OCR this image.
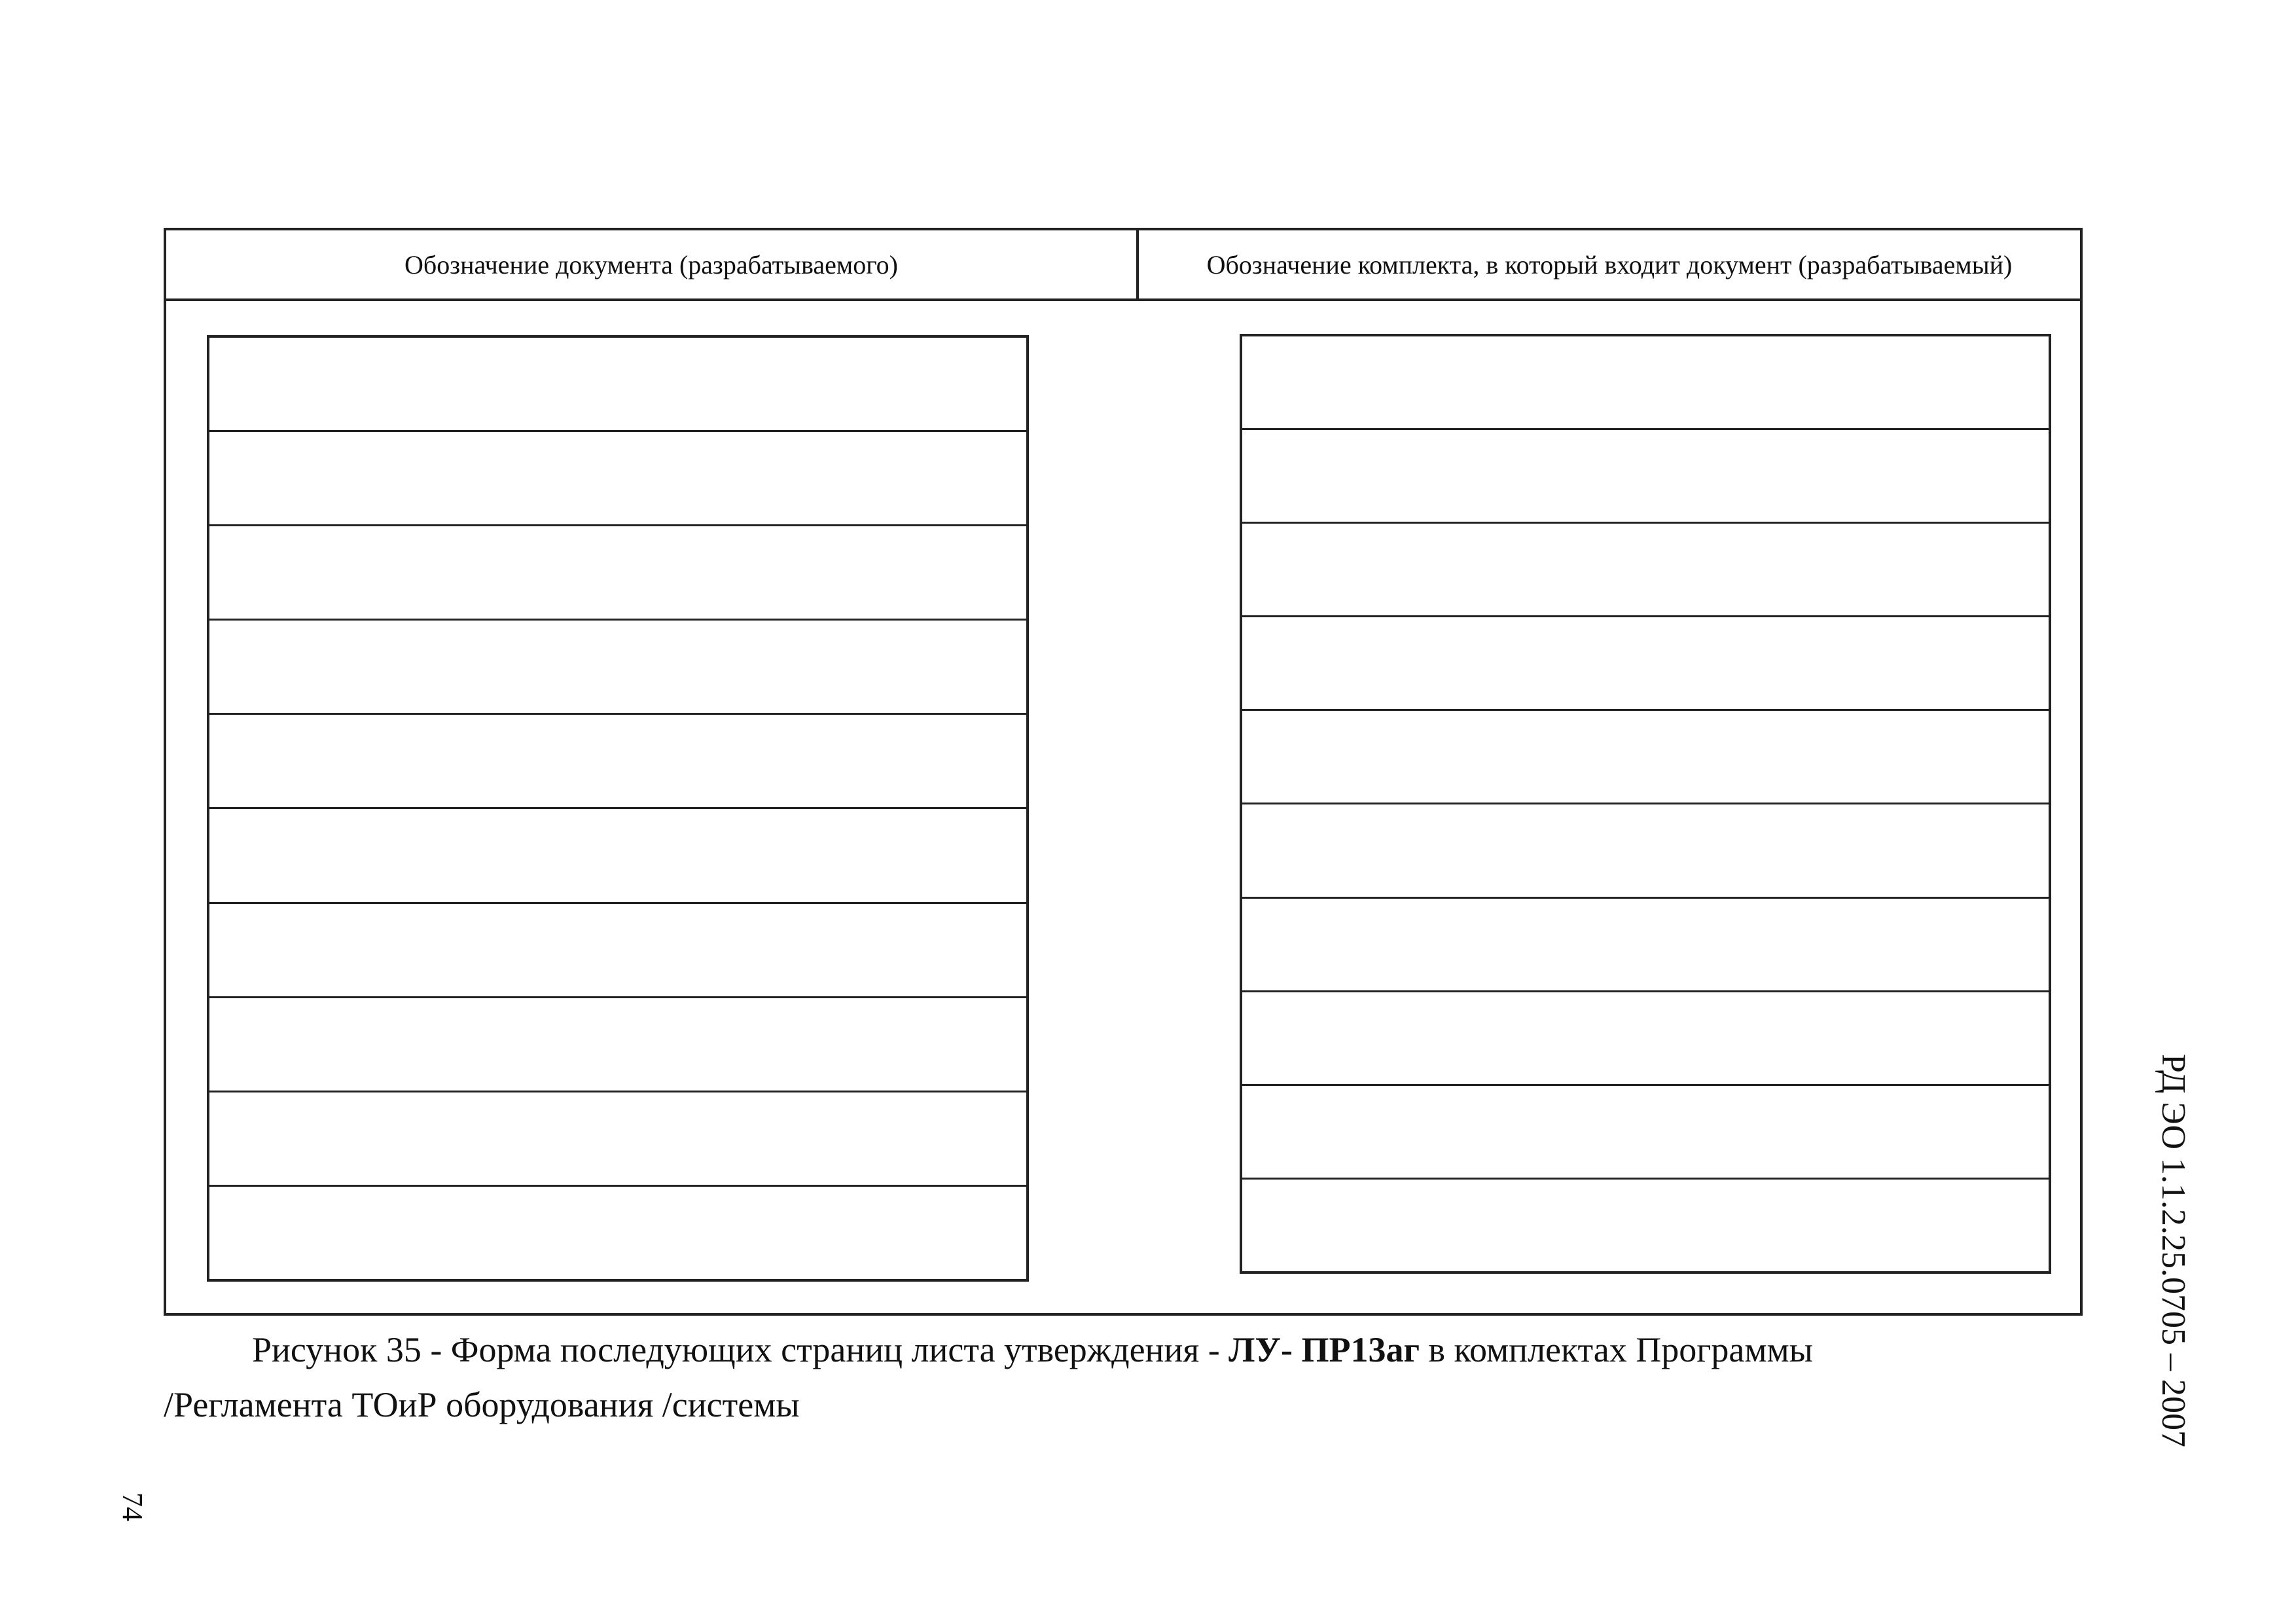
Обозначение документа (разрабатываемого)	Обозначение комплекта, в который входит документ (разрабатываемый)
Рисунок 35 - Форма последующих страниц листа утверждения - ЛУ- ПР13аг в комплектах Программы
/Регламента ТОиР оборудования /системы	РД ЭО 1.1.2.25.0705 – 2007
74
